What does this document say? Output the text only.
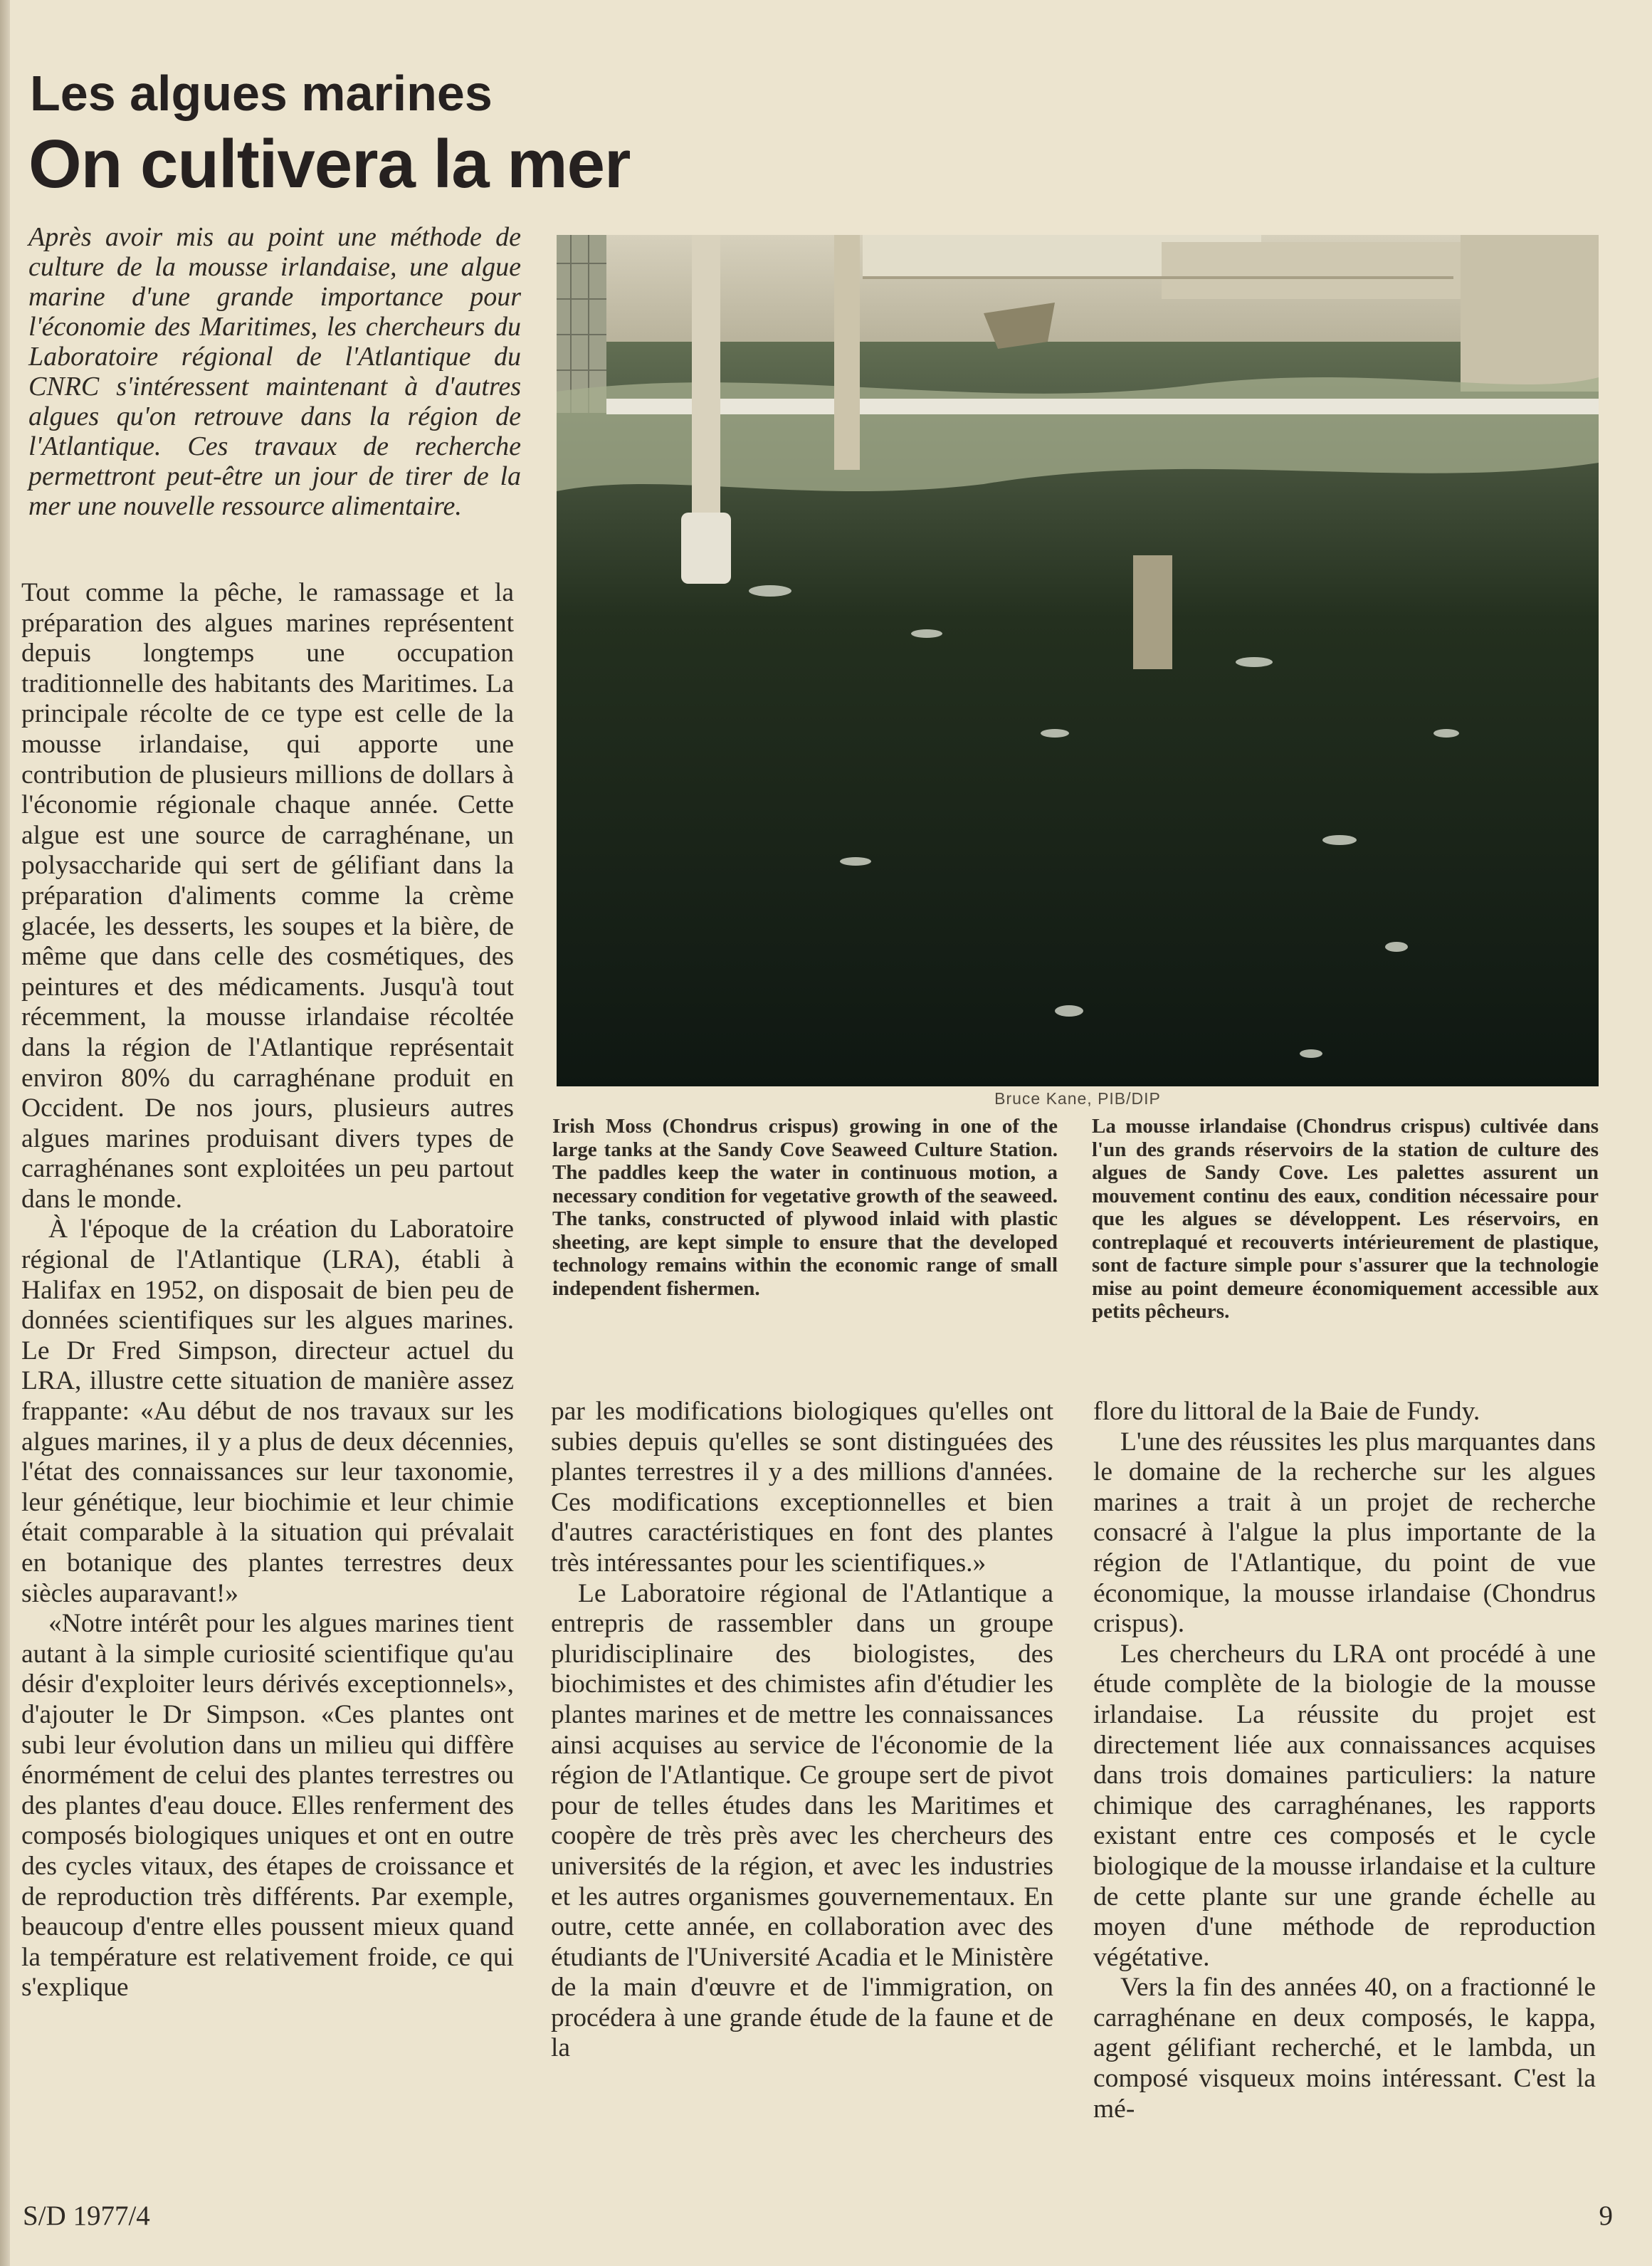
Les algues marines
On cultivera la mer
Après avoir mis au point une méthode de culture de la mousse irlandaise, une algue marine d'une grande importance pour l'économie des Maritimes, les chercheurs du Laboratoire régional de l'Atlantique du CNRC s'intéressent maintenant à d'autres algues qu'on retrouve dans la région de l'Atlantique. Ces travaux de recherche permettront peut-être un jour de tirer de la mer une nouvelle ressource alimentaire.

Tout comme la pêche, le ramassage et la préparation des algues marines représentent depuis longtemps une occupation traditionnelle des habitants des Maritimes. La principale récolte de ce type est celle de la mousse irlandaise, qui apporte une contribution de plusieurs millions de dollars à l'économie régionale chaque année. Cette algue est une source de carraghénane, un polysaccharide qui sert de gélifiant dans la préparation d'aliments comme la crème glacée, les desserts, les soupes et la bière, de même que dans celle des cosmétiques, des peintures et des médicaments. Jusqu'à tout récemment, la mousse irlandaise récoltée dans la région de l'Atlantique représentait environ 80% du carraghénane produit en Occident. De nos jours, plusieurs autres algues marines produisant divers types de carraghénanes sont exploitées un peu partout dans le monde.

À l'époque de la création du Laboratoire régional de l'Atlantique (LRA), établi à Halifax en 1952, on disposait de bien peu de données scientifiques sur les algues marines. Le Dr Fred Simpson, directeur actuel du LRA, illustre cette situation de manière assez frappante: «Au début de nos travaux sur les algues marines, il y a plus de deux décennies, l'état des connaissances sur leur taxonomie, leur génétique, leur biochimie et leur chimie était comparable à la situation qui prévalait en botanique des plantes terrestres deux siècles auparavant!»

«Notre intérêt pour les algues marines tient autant à la simple curiosité scientifique qu'au désir d'exploiter leurs dérivés exceptionnels», d'ajouter le Dr Simpson. «Ces plantes ont subi leur évolution dans un milieu qui diffère énormément de celui des plantes terrestres ou des plantes d'eau douce. Elles renferment des composés biologiques uniques et ont en outre des cycles vitaux, des étapes de croissance et de reproduction très différents. Par exemple, beaucoup d'entre elles poussent mieux quand la température est relativement froide, ce qui s'explique

Bruce Kane, PIB/DIP
Irish Moss (Chondrus crispus) growing in one of the large tanks at the Sandy Cove Seaweed Culture Station. The paddles keep the water in continuous motion, a necessary condition for vegetative growth of the seaweed. The tanks, constructed of plywood inlaid with plastic sheeting, are kept simple to ensure that the developed technology remains within the economic range of small independent fishermen.
La mousse irlandaise (Chondrus crispus) cultivée dans l'un des grands réservoirs de la station de culture des algues de Sandy Cove. Les palettes assurent un mouvement continu des eaux, condition nécessaire pour que les algues se développent. Les réservoirs, en contreplaqué et recouverts intérieurement de plastique, sont de facture simple pour s'assurer que la technologie mise au point demeure économiquement accessible aux petits pêcheurs.

par les modifications biologiques qu'elles ont subies depuis qu'elles se sont distinguées des plantes terrestres il y a des millions d'années. Ces modifications exceptionnelles et bien d'autres caractéristiques en font des plantes très intéressantes pour les scientifiques.»

Le Laboratoire régional de l'Atlantique a entrepris de rassembler dans un groupe pluridisciplinaire des biologistes, des biochimistes et des chimistes afin d'étudier les plantes marines et de mettre les connaissances ainsi acquises au service de l'économie de la région de l'Atlantique. Ce groupe sert de pivot pour de telles études dans les Maritimes et coopère de très près avec les chercheurs des universités de la région, et avec les industries et les autres organismes gouvernementaux. En outre, cette année, en collaboration avec des étudiants de l'Université Acadia et le Ministère de la main d'œuvre et de l'immigration, on procédera à une grande étude de la faune et de la

flore du littoral de la Baie de Fundy.

L'une des réussites les plus marquantes dans le domaine de la recherche sur les algues marines a trait à un projet de recherche consacré à l'algue la plus importante de la région de l'Atlantique, du point de vue économique, la mousse irlandaise (Chondrus crispus).

Les chercheurs du LRA ont procédé à une étude complète de la biologie de la mousse irlandaise. La réussite du projet est directement liée aux connaissances acquises dans trois domaines particuliers: la nature chimique des carraghénanes, les rapports existant entre ces composés et le cycle biologique de la mousse irlandaise et la culture de cette plante sur une grande échelle au moyen d'une méthode de reproduction végétative.

Vers la fin des années 40, on a fractionné le carraghénane en deux composés, le kappa, agent gélifiant recherché, et le lambda, un composé visqueux moins intéressant. C'est la mé-

S/D 1977/4	9
